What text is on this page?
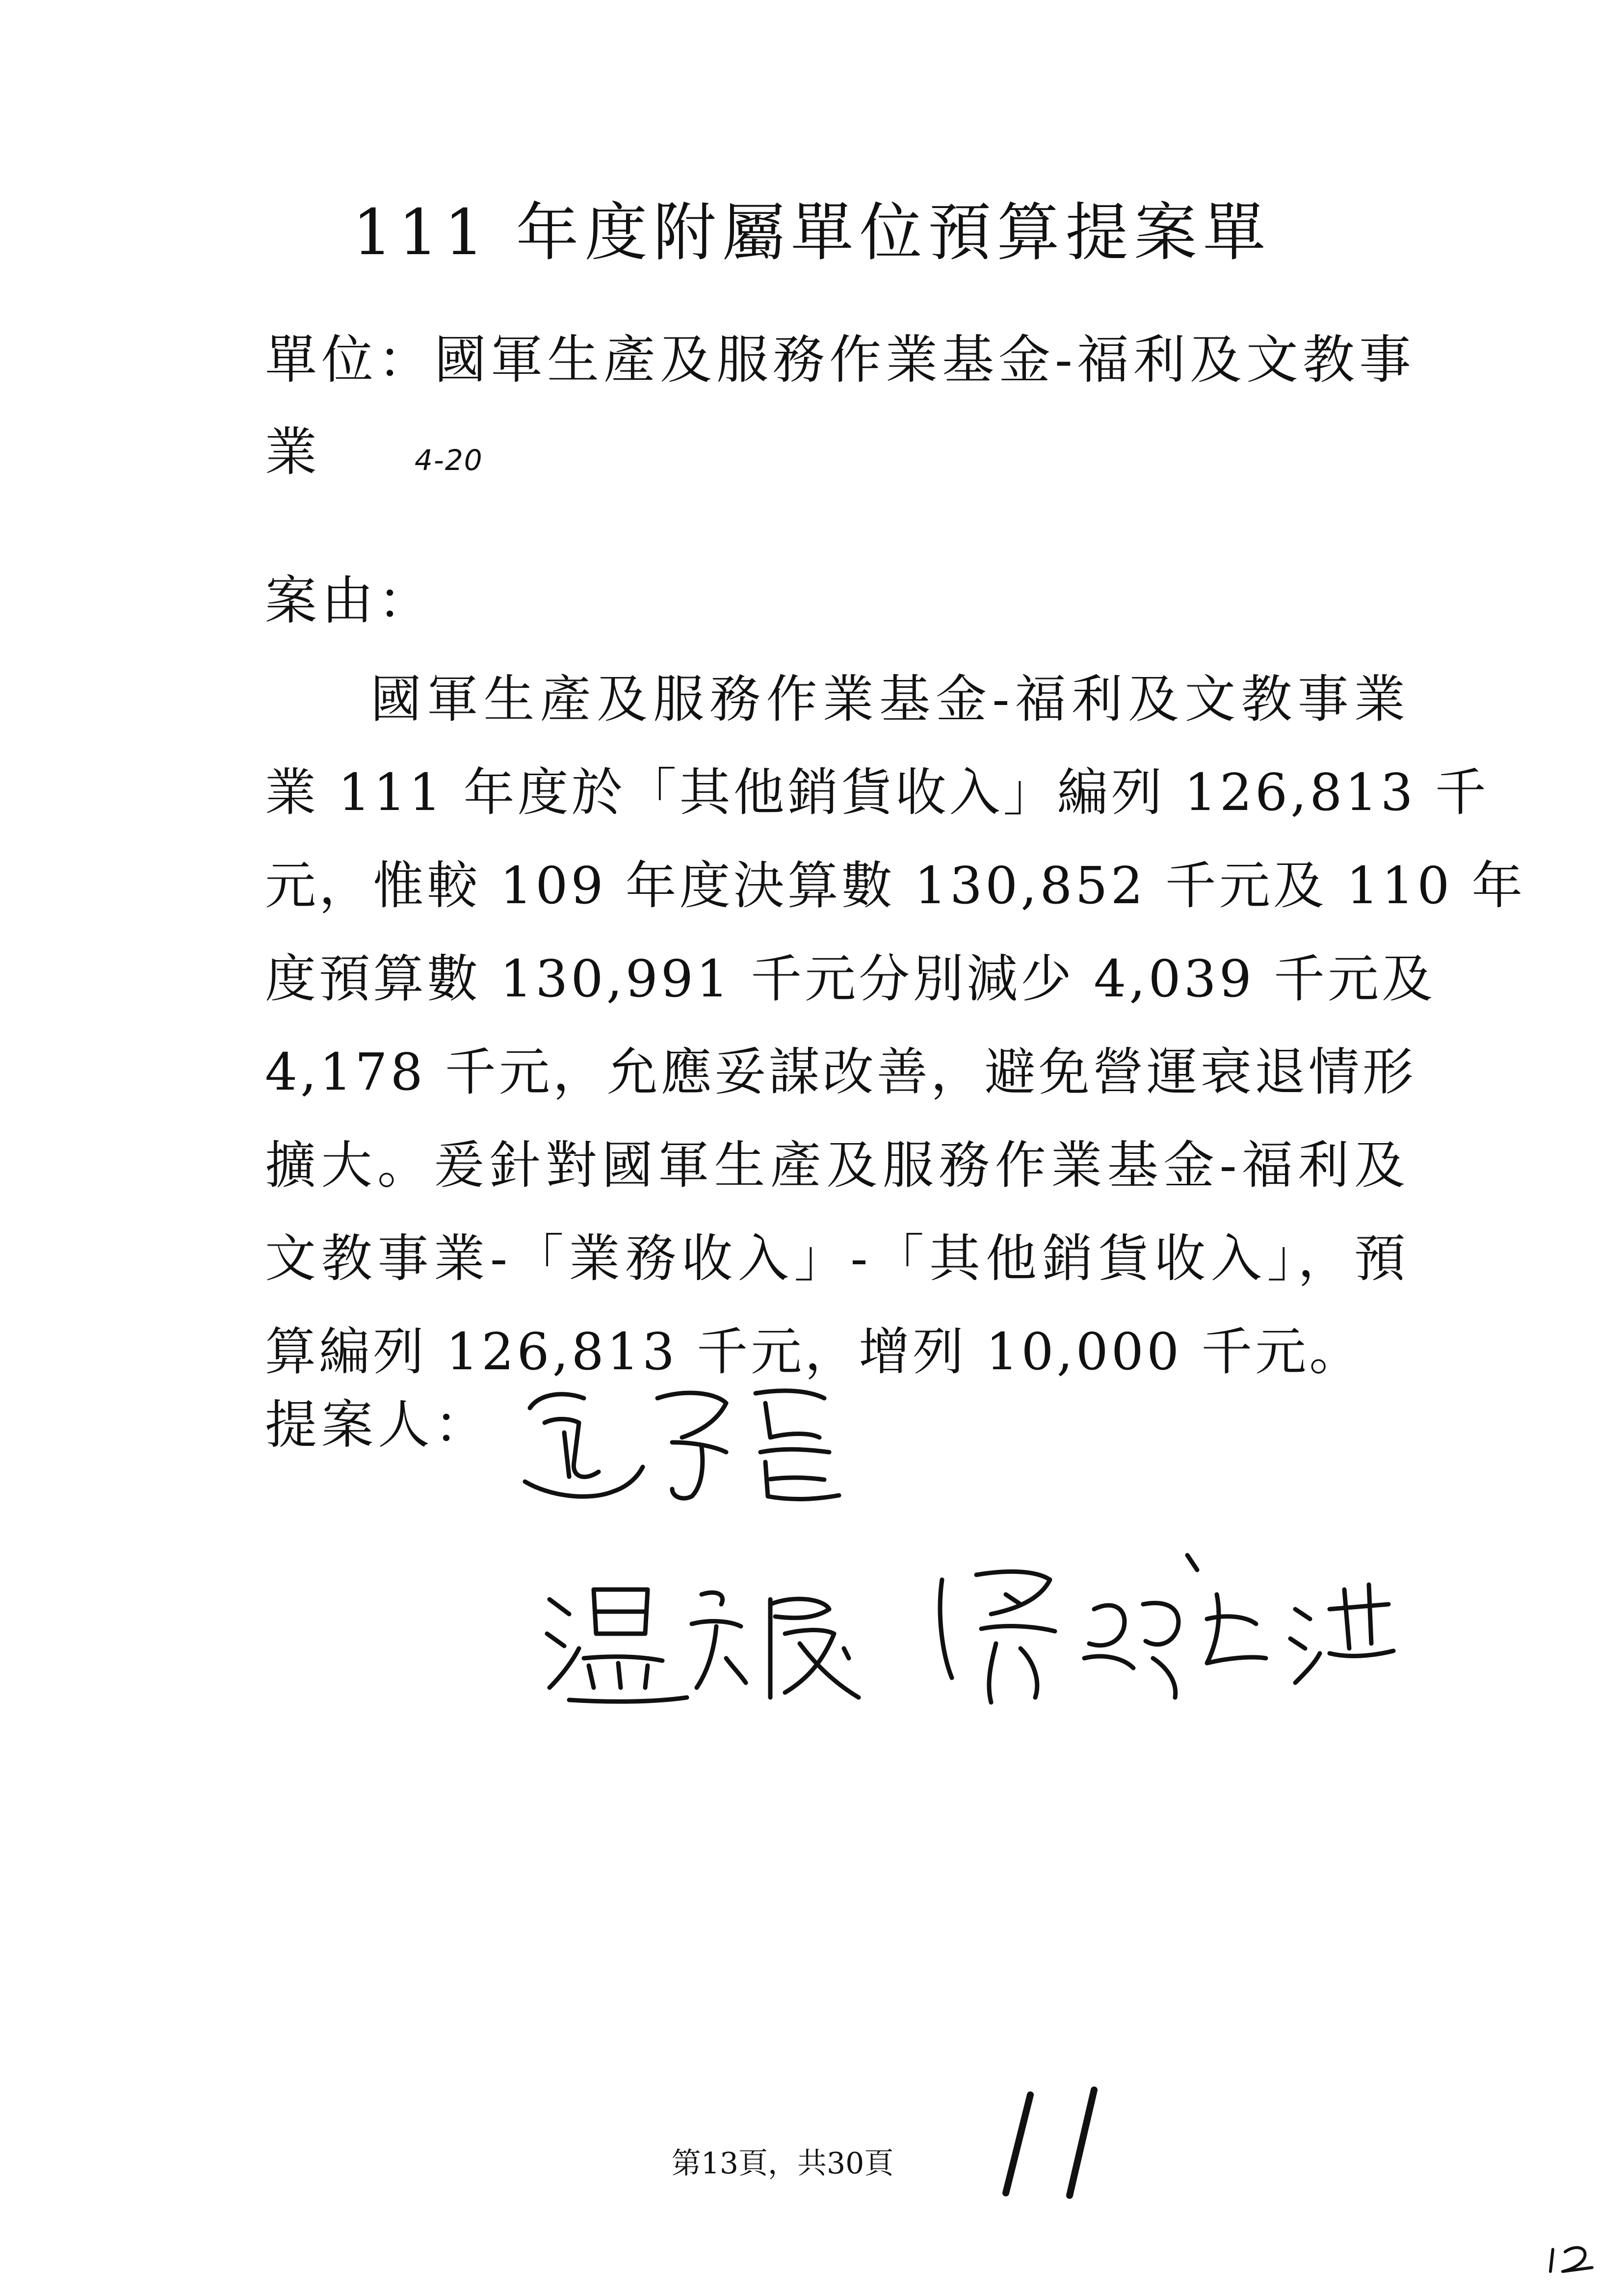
111 年度附屬單位預算提案單
單位：國軍生產及服務作業基金-福利及文教事
業	4-20
案由：
國軍生產及服務作業基金-福利及文教事業
業 111 年度於「其他銷貨收入」編列 126,813 千
元，惟較 109 年度決算數 130,852 千元及 110 年
度預算數 130,991 千元分別減少 4,039 千元及
4,178 千元，允應妥謀改善，避免營運衰退情形
擴大。爰針對國軍生產及服務作業基金-福利及
文教事業-「業務收入」-「其他銷貨收入」，預
算編列 126,813 千元，增列 10,000 千元。
提案人：
第13頁，共30頁
